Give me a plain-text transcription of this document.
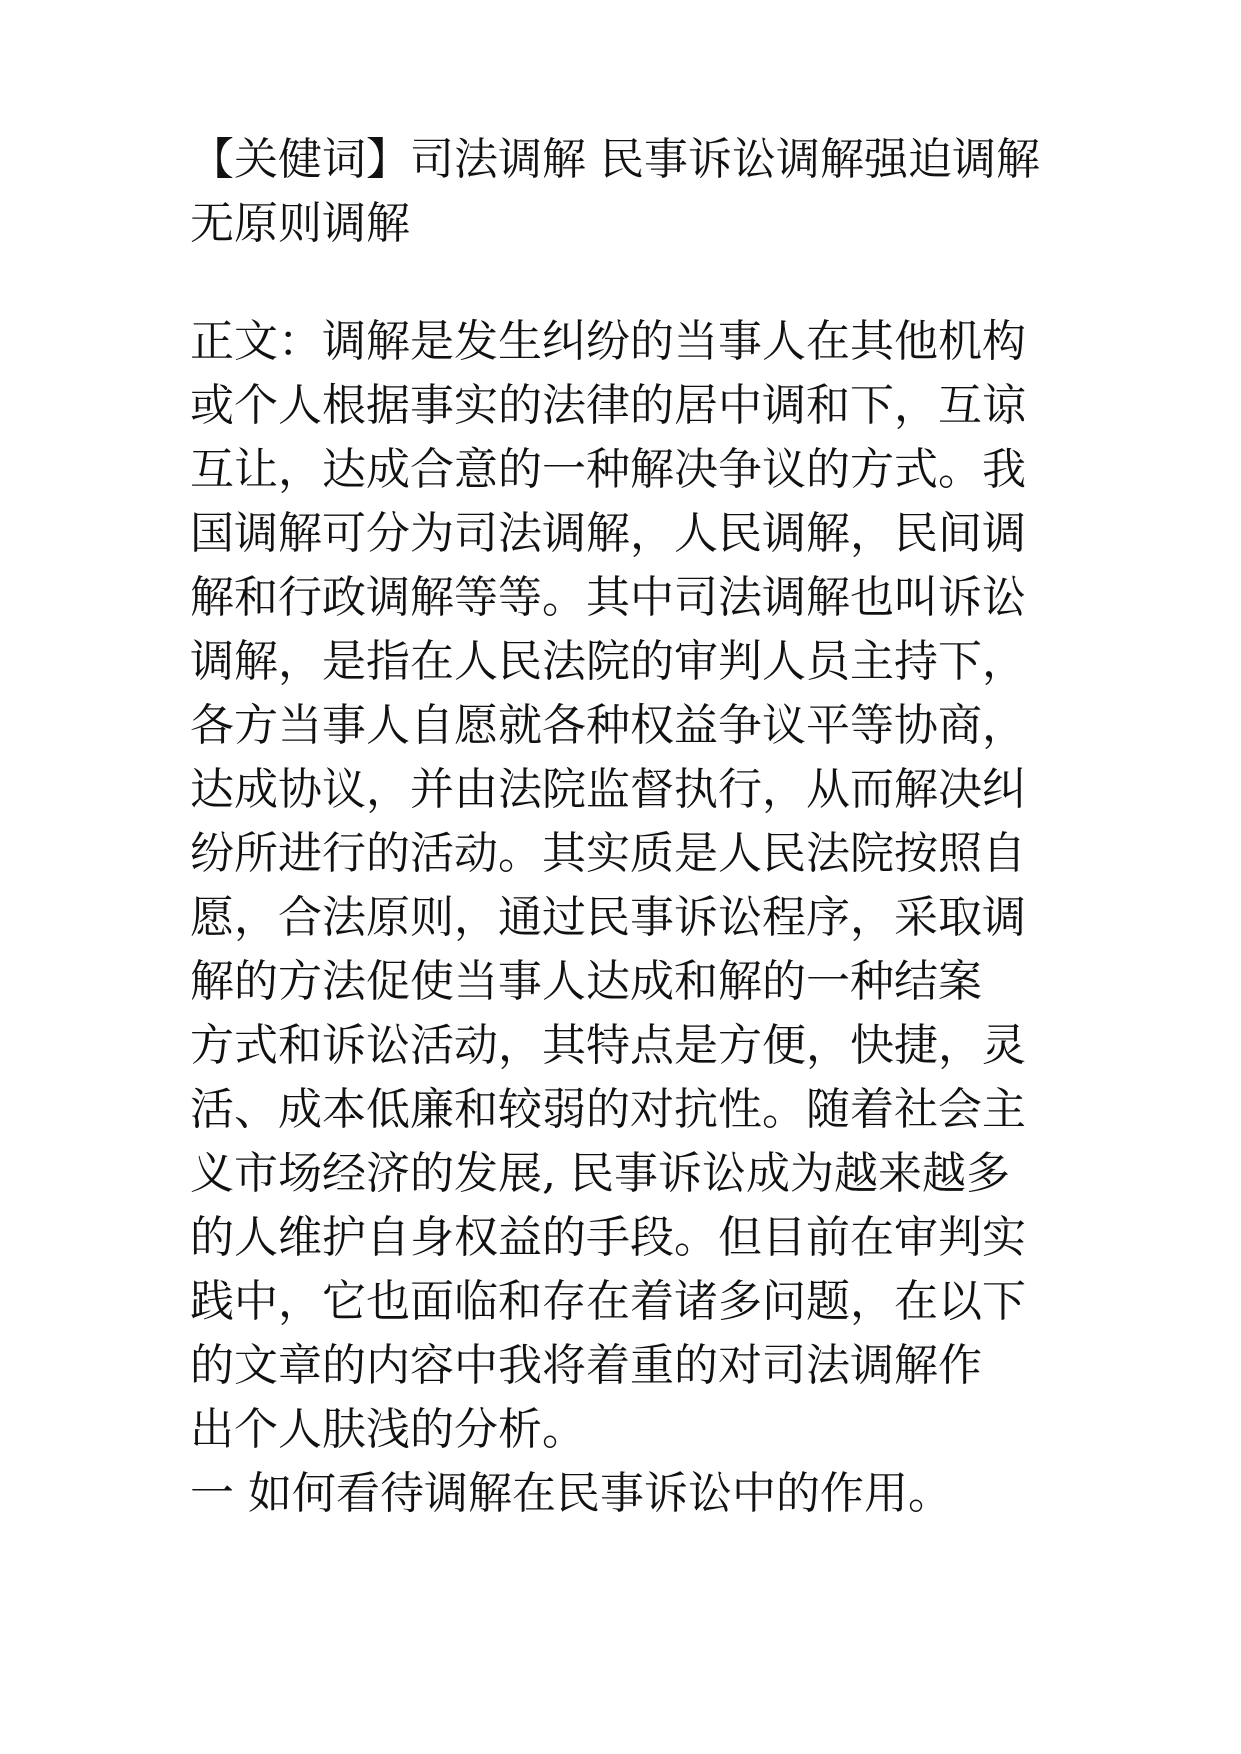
【关健词】司法调解 民事诉讼调解强迫调解
无原则调解
正文：调解是发生纠纷的当事人在其他机构
或个人根据事实的法律的居中调和下，互谅
互让，达成合意的一种解决争议的方式。我
国调解可分为司法调解，人民调解，民间调
解和行政调解等等。其中司法调解也叫诉讼
调解，是指在人民法院的审判人员主持下，
各方当事人自愿就各种权益争议平等协商，
达成协议，并由法院监督执行，从而解决纠
纷所进行的活动。其实质是人民法院按照自
愿，合法原则，通过民事诉讼程序，采取调
解的方法促使当事人达成和解的一种结案
方式和诉讼活动，其特点是方便，快捷，灵
活、成本低廉和较弱的对抗性。随着社会主
义市场经济的发展, 民事诉讼成为越来越多
的人维护自身权益的手段。但目前在审判实
践中，它也面临和存在着诸多问题，在以下
的文章的内容中我将着重的对司法调解作
出个人肤浅的分析。
一 如何看待调解在民事诉讼中的作用。
